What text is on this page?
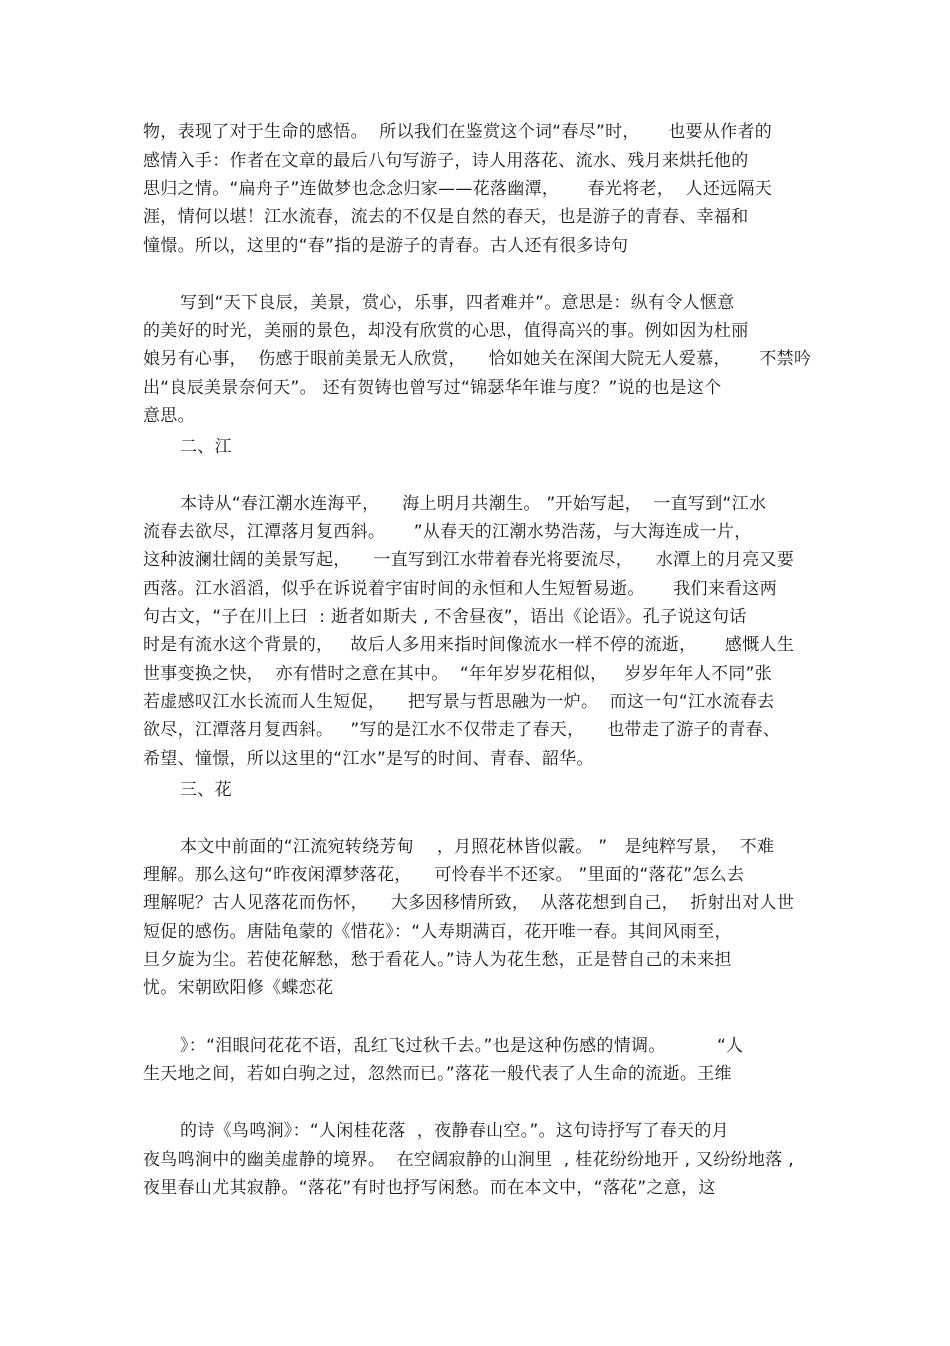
物，表现了对于生命的感悟。  所以我们在鉴赏这个词“春尽”时，     也要从作者的
感情入手：作者在文章的最后八句写游子，诗人用落花、流水、残月来烘托他的
思归之情。“扁舟子”连做梦也念念归家——花落幽潭，     春光将老，  人还远隔天
涯，情何以堪！江水流春，流去的不仅是自然的春天，也是游子的青春、幸福和
憧憬。所以，这里的“春”指的是游子的青春。古人还有很多诗句
写到“天下良辰，美景，赏心，乐事，四者难并”。意思是：纵有令人惬意
的美好的时光，美丽的景色，却没有欣赏的心思，值得高兴的事。例如因为杜丽
娘另有心事，  伤感于眼前美景无人欣赏，    恰如她关在深闺大院无人爱慕，     不禁吟
出“良辰美景奈何天”。 还有贺铸也曾写过“锦瑟华年谁与度？”说的也是这个
意思。
二、江
本诗从“春江潮水连海平，    海上明月共潮生。 ”开始写起，  一直写到“江水
流春去欲尽，江潭落月复西斜。     ”从春天的江潮水势浩荡，与大海连成一片，
这种波澜壮阔的美景写起，    一直写到江水带着春光将要流尽，    水潭上的月亮又要
西落。江水滔滔，似乎在诉说着宇宙时间的永恒和人生短暂易逝。     我们来看这两
句古文，“子在川上曰  : 逝者如斯夫 , 不舍昼夜”，语出《论语》。孔子说这句话
时是有流水这个背景的，   故后人多用来指时间像流水一样不停的流逝，     感慨人生
世事变换之快，  亦有惜时之意在其中。  “年年岁岁花相似，   岁岁年年人不同”张
若虚感叹江水长流而人生短促，    把写景与哲思融为一炉。  而这一句“江水流春去
欲尽，江潭落月复西斜。   ”写的是江水不仅带走了春天，    也带走了游子的青春、
希望、憧憬，所以这里的“江水”是写的时间、青春、韶华。
三、花
本文中前面的“江流宛转绕芳甸    ，月照花林皆似霰。 ”   是纯粹写景，  不难
理解。那么这句“昨夜闲潭梦落花，    可怜春半不还家。 ”里面的“落花”怎么去
理解呢？古人见落花而伤怀，    大多因移情所致，  从落花想到自己，  折射出对人世
短促的感伤。唐陆龟蒙的《惜花》：“人寿期满百，花开唯一春。其间风雨至，
旦夕旋为尘。若使花解愁，愁于看花人。”诗人为花生愁，正是替自己的未来担
忧。宋朝欧阳修《蝶恋花
》：“泪眼问花花不语，乱红飞过秋千去。”也是这种伤感的情调。         “人
生天地之间，若如白驹之过，忽然而已。”落花一般代表了人生命的流逝。王维
的诗《鸟鸣涧》：“人闲桂花落  ，夜静春山空。”。这句诗抒写了春天的月
夜鸟鸣涧中的幽美虚静的境界。  在空阔寂静的山涧里  , 桂花纷纷地开 , 又纷纷地落 ,
夜里春山尤其寂静。“落花”有时也抒写闲愁。而在本文中，“落花”之意，这
